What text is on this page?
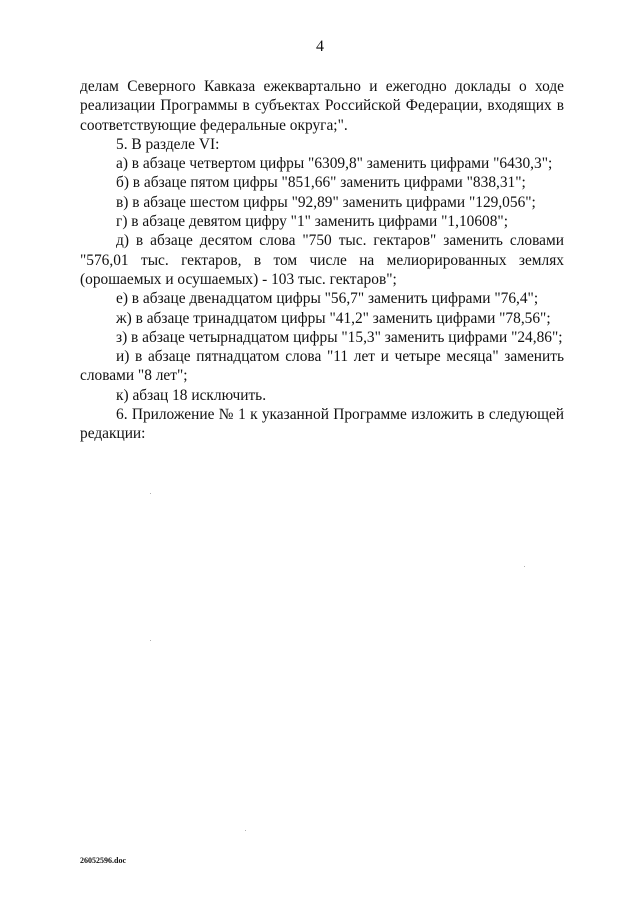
4

делам Северного Кавказа ежеквартально и ежегодно доклады о ходе реализации Программы в субъектах Российской Федерации, входящих в соответствующие федеральные округа;".

5. В разделе VI:

а) в абзаце четвертом цифры "6309,8" заменить цифрами "6430,3";

б) в абзаце пятом цифры "851,66" заменить цифрами "838,31";

в) в абзаце шестом цифры "92,89" заменить цифрами "129,056";

г) в абзаце девятом цифру "1" заменить цифрами "1,10608";

д) в абзаце десятом слова "750 тыс. гектаров" заменить словами "576,01 тыс. гектаров, в том числе на мелиорированных землях (орошаемых и осушаемых) - 103 тыс. гектаров";

е) в абзаце двенадцатом цифры "56,7" заменить цифрами "76,4";

ж) в абзаце тринадцатом цифры "41,2" заменить цифрами "78,56";

з) в абзаце четырнадцатом цифры "15,3" заменить цифрами "24,86";

и) в абзаце пятнадцатом слова "11 лет и четыре месяца" заменить словами "8 лет";

к) абзац 18 исключить.

6. Приложение № 1 к указанной Программе изложить в следующей редакции:

26052596.doc
